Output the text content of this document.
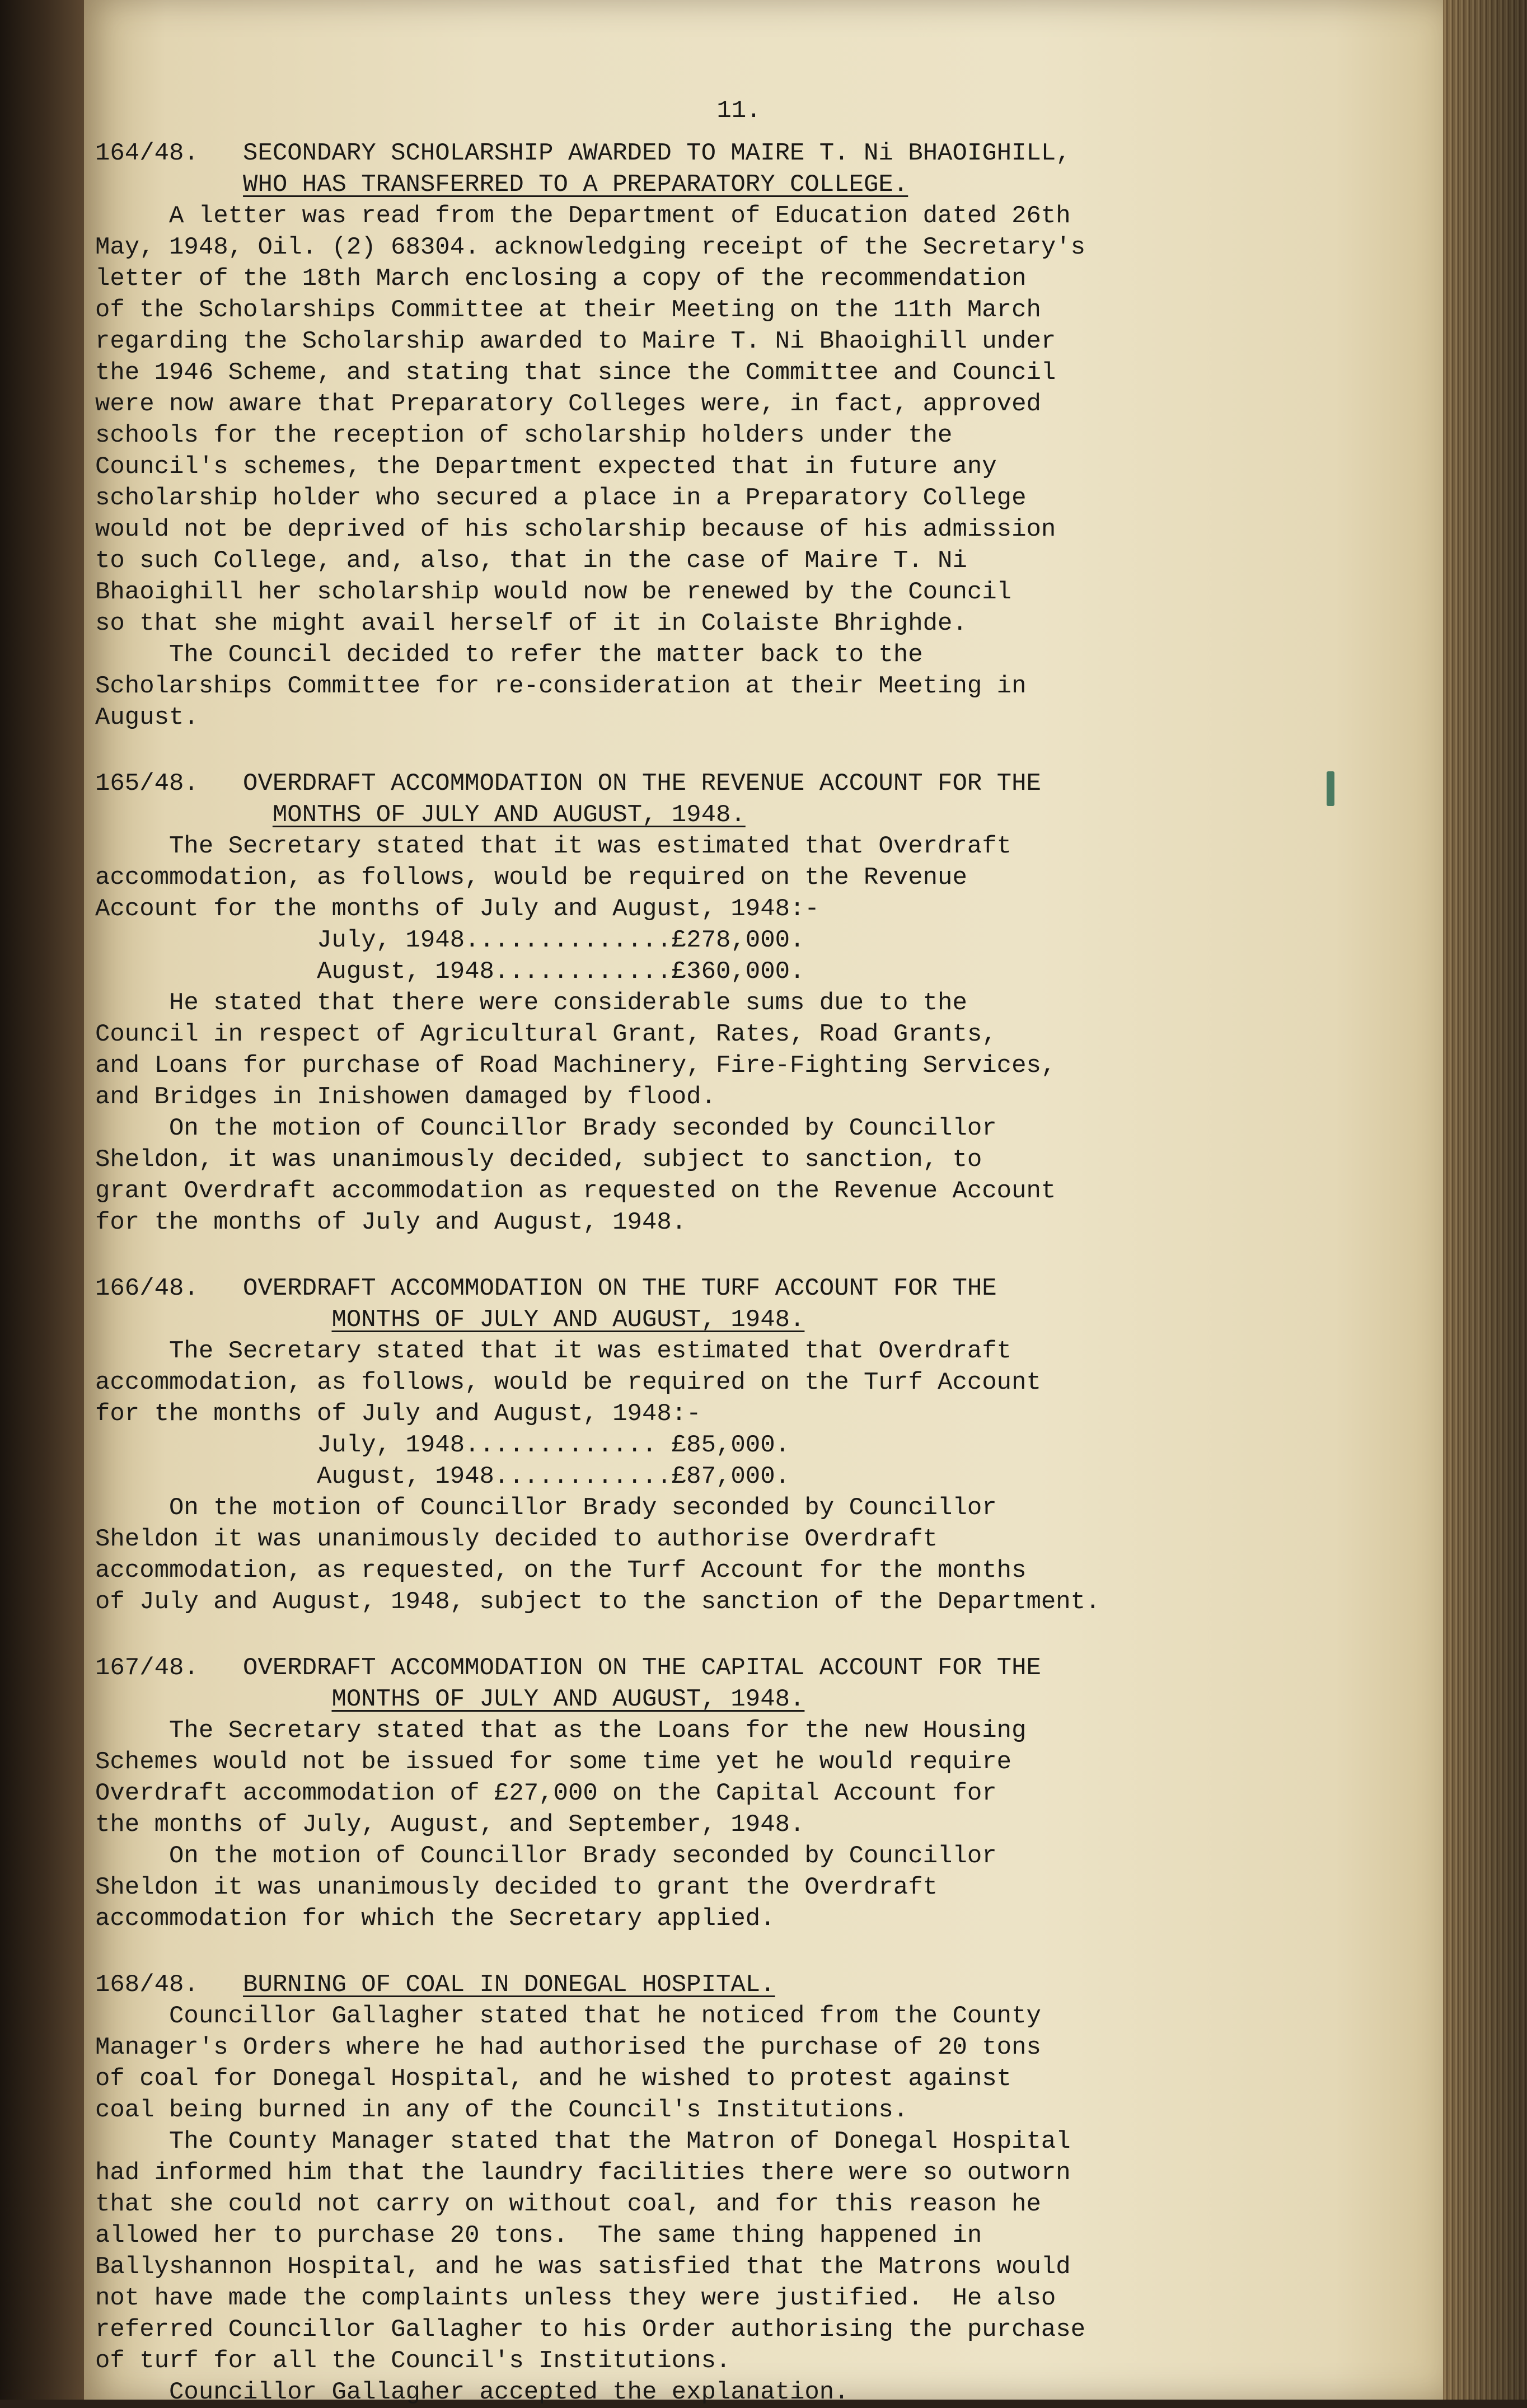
11.
164/48.   SECONDARY SCHOLARSHIP AWARDED TO MAIRE T. Ni BHAOIGHILL,
WHO HAS TRANSFERRED TO A PREPARATORY COLLEGE.
A letter was read from the Department of Education dated 26th
May, 1948, Oil. (2) 68304. acknowledging receipt of the Secretary's
letter of the 18th March enclosing a copy of the recommendation
of the Scholarships Committee at their Meeting on the 11th March
regarding the Scholarship awarded to Maire T. Ni Bhaoighill under
the 1946 Scheme, and stating that since the Committee and Council
were now aware that Preparatory Colleges were, in fact, approved
schools for the reception of scholarship holders under the
Council's schemes, the Department expected that in future any
scholarship holder who secured a place in a Preparatory College
would not be deprived of his scholarship because of his admission
to such College, and, also, that in the case of Maire T. Ni
Bhaoighill her scholarship would now be renewed by the Council
so that she might avail herself of it in Colaiste Bhrighde.
The Council decided to refer the matter back to the
Scholarships Committee for re-consideration at their Meeting in
August.
165/48.   OVERDRAFT ACCOMMODATION ON THE REVENUE ACCOUNT FOR THE
MONTHS OF JULY AND AUGUST, 1948.
The Secretary stated that it was estimated that Overdraft
accommodation, as follows, would be required on the Revenue
Account for the months of July and August, 1948:-
July, 1948..............£278,000.
August, 1948............£360,000.
He stated that there were considerable sums due to the
Council in respect of Agricultural Grant, Rates, Road Grants,
and Loans for purchase of Road Machinery, Fire-Fighting Services,
and Bridges in Inishowen damaged by flood.
On the motion of Councillor Brady seconded by Councillor
Sheldon, it was unanimously decided, subject to sanction, to
grant Overdraft accommodation as requested on the Revenue Account
for the months of July and August, 1948.
166/48.   OVERDRAFT ACCOMMODATION ON THE TURF ACCOUNT FOR THE
MONTHS OF JULY AND AUGUST, 1948.
The Secretary stated that it was estimated that Overdraft
accommodation, as follows, would be required on the Turf Account
for the months of July and August, 1948:-
July, 1948............. £85,000.
August, 1948............£87,000.
On the motion of Councillor Brady seconded by Councillor
Sheldon it was unanimously decided to authorise Overdraft
accommodation, as requested, on the Turf Account for the months
of July and August, 1948, subject to the sanction of the Department.
167/48.   OVERDRAFT ACCOMMODATION ON THE CAPITAL ACCOUNT FOR THE
MONTHS OF JULY AND AUGUST, 1948.
The Secretary stated that as the Loans for the new Housing
Schemes would not be issued for some time yet he would require
Overdraft accommodation of £27,000 on the Capital Account for
the months of July, August, and September, 1948.
On the motion of Councillor Brady seconded by Councillor
Sheldon it was unanimously decided to grant the Overdraft
accommodation for which the Secretary applied.
168/48.   BURNING OF COAL IN DONEGAL HOSPITAL.
Councillor Gallagher stated that he noticed from the County
Manager's Orders where he had authorised the purchase of 20 tons
of coal for Donegal Hospital, and he wished to protest against
coal being burned in any of the Council's Institutions.
The County Manager stated that the Matron of Donegal Hospital
had informed him that the laundry facilities there were so outworn
that she could not carry on without coal, and for this reason he
allowed her to purchase 20 tons.  The same thing happened in
Ballyshannon Hospital, and he was satisfied that the Matrons would
not have made the complaints unless they were justified.  He also
referred Councillor Gallagher to his Order authorising the purchase
of turf for all the Council's Institutions.
Councillor Gallagher accepted the explanation.
